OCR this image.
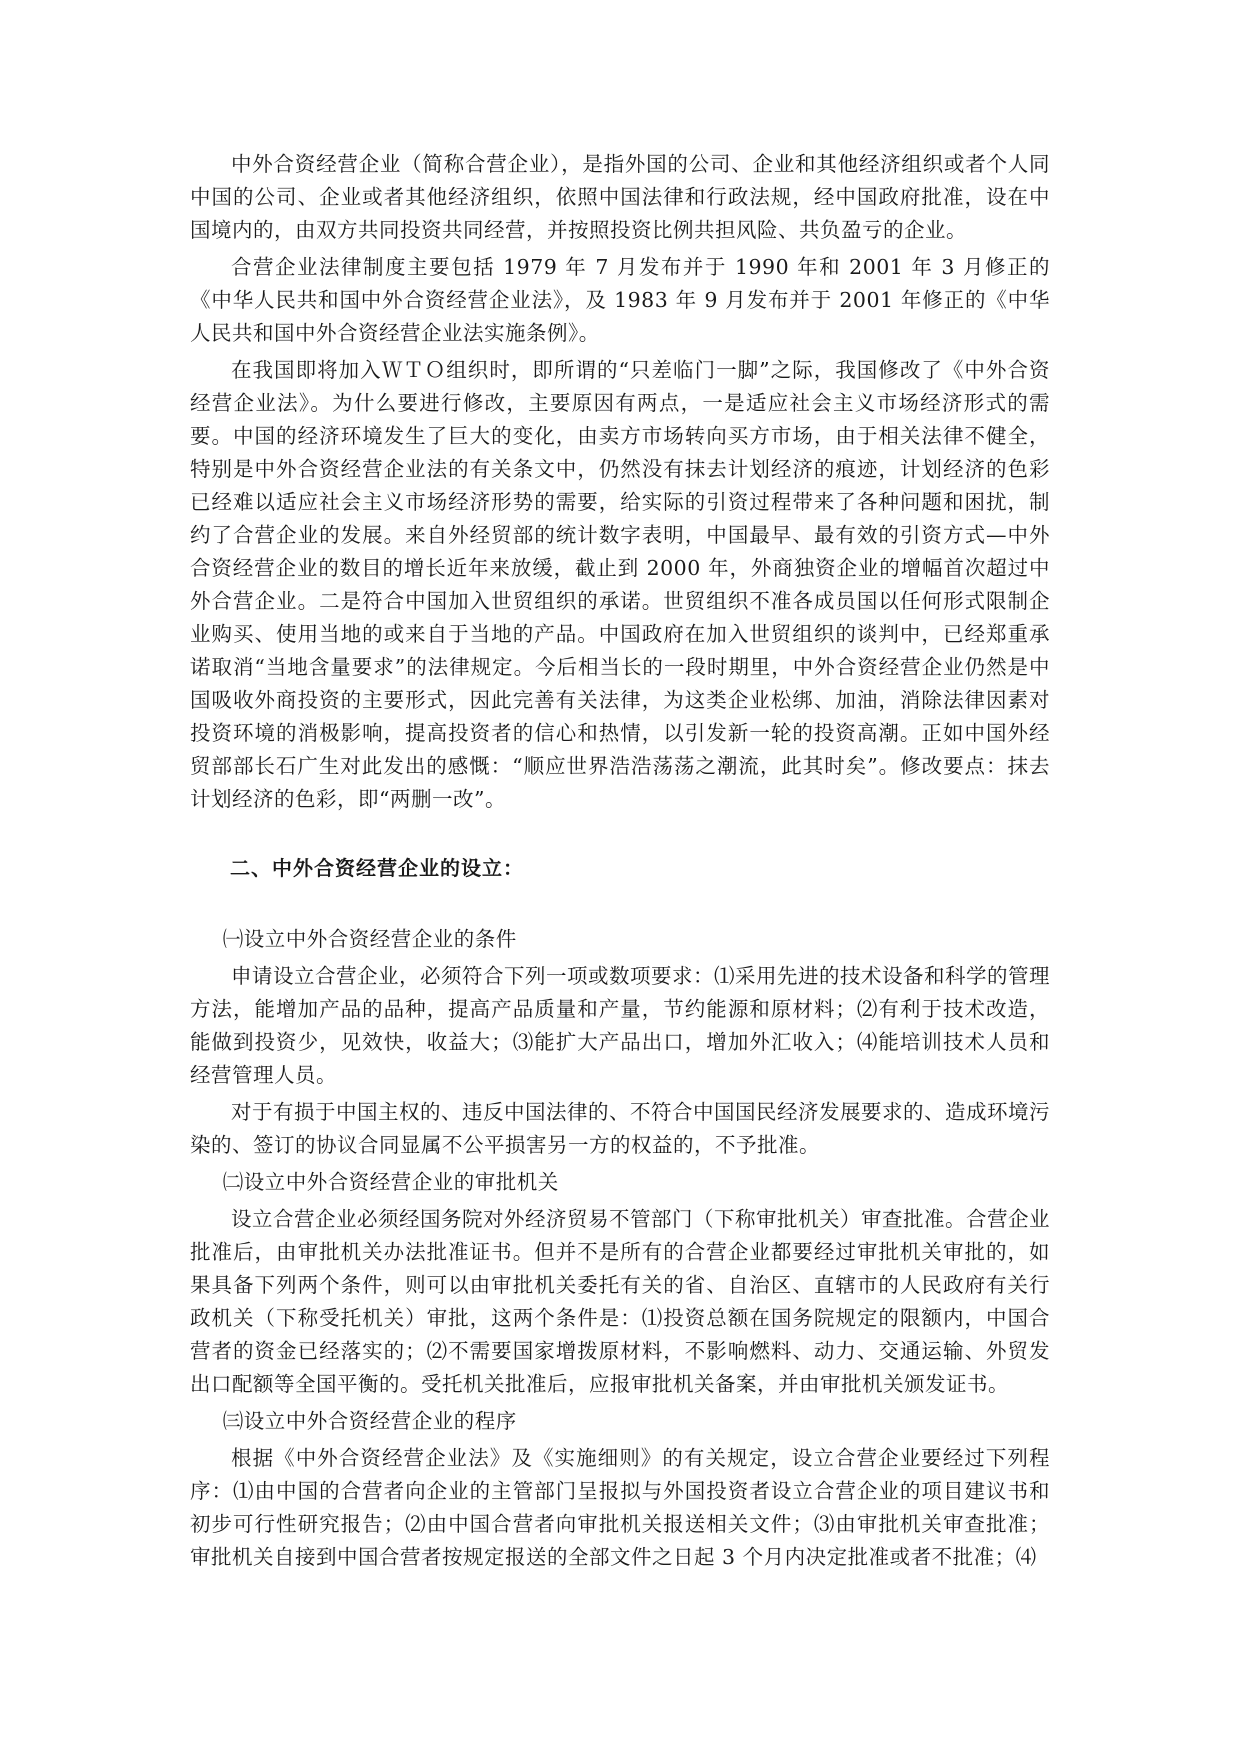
中外合资经营企业（简称合营企业），是指外国的公司、企业和其他经济组织或者个人同中国的公司、企业或者其他经济组织，依照中国法律和行政法规，经中国政府批准，设在中国境内的，由双方共同投资共同经营，并按照投资比例共担风险、共负盈亏的企业。

合营企业法律制度主要包括 1979 年 7 月发布并于 1990 年和 2001 年 3 月修正的《中华人民共和国中外合资经营企业法》，及 1983 年 9 月发布并于 2001 年修正的《中华人民共和国中外合资经营企业法实施条例》。

在我国即将加入ＷＴＯ组织时，即所谓的“只差临门一脚”之际，我国修改了《中外合资经营企业法》。为什么要进行修改，主要原因有两点，一是适应社会主义市场经济形式的需要。中国的经济环境发生了巨大的变化，由卖方市场转向买方市场，由于相关法律不健全，特别是中外合资经营企业法的有关条文中，仍然没有抹去计划经济的痕迹，计划经济的色彩已经难以适应社会主义市场经济形势的需要，给实际的引资过程带来了各种问题和困扰，制约了合营企业的发展。来自外经贸部的统计数字表明，中国最早、最有效的引资方式—中外合资经营企业的数目的增长近年来放缓，截止到 2000 年，外商独资企业的增幅首次超过中外合营企业。二是符合中国加入世贸组织的承诺。世贸组织不准各成员国以任何形式限制企业购买、使用当地的或来自于当地的产品。中国政府在加入世贸组织的谈判中，已经郑重承诺取消“当地含量要求”的法律规定。今后相当长的一段时期里，中外合资经营企业仍然是中国吸收外商投资的主要形式，因此完善有关法律，为这类企业松绑、加油，消除法律因素对投资环境的消极影响，提高投资者的信心和热情，以引发新一轮的投资高潮。正如中国外经贸部部长石广生对此发出的感慨：“顺应世界浩浩荡荡之潮流，此其时矣”。修改要点：抹去计划经济的色彩，即“两删一改”。

二、中外合资经营企业的设立：
㈠设立中外合资经营企业的条件

申请设立合营企业，必须符合下列一项或数项要求：⑴采用先进的技术设备和科学的管理方法，能增加产品的品种，提高产品质量和产量，节约能源和原材料；⑵有利于技术改造，能做到投资少，见效快，收益大；⑶能扩大产品出口，增加外汇收入；⑷能培训技术人员和经营管理人员。

对于有损于中国主权的、违反中国法律的、不符合中国国民经济发展要求的、造成环境污染的、签订的协议合同显属不公平损害另一方的权益的，不予批准。

㈡设立中外合资经营企业的审批机关

设立合营企业必须经国务院对外经济贸易不管部门（下称审批机关）审查批准。合营企业批准后，由审批机关办法批准证书。但并不是所有的合营企业都要经过审批机关审批的，如果具备下列两个条件，则可以由审批机关委托有关的省、自治区、直辖市的人民政府有关行政机关（下称受托机关）审批，这两个条件是：⑴投资总额在国务院规定的限额内，中国合营者的资金已经落实的；⑵不需要国家增拨原材料，不影响燃料、动力、交通运输、外贸发出口配额等全国平衡的。受托机关批准后，应报审批机关备案，并由审批机关颁发证书。

㈢设立中外合资经营企业的程序

根据《中外合资经营企业法》及《实施细则》的有关规定，设立合营企业要经过下列程序：⑴由中国的合营者向企业的主管部门呈报拟与外国投资者设立合营企业的项目建议书和初步可行性研究报告；⑵由中国合营者向审批机关报送相关文件；⑶由审批机关审查批准；审批机关自接到中国合营者按规定报送的全部文件之日起 3 个月内决定批准或者不批准；⑷
